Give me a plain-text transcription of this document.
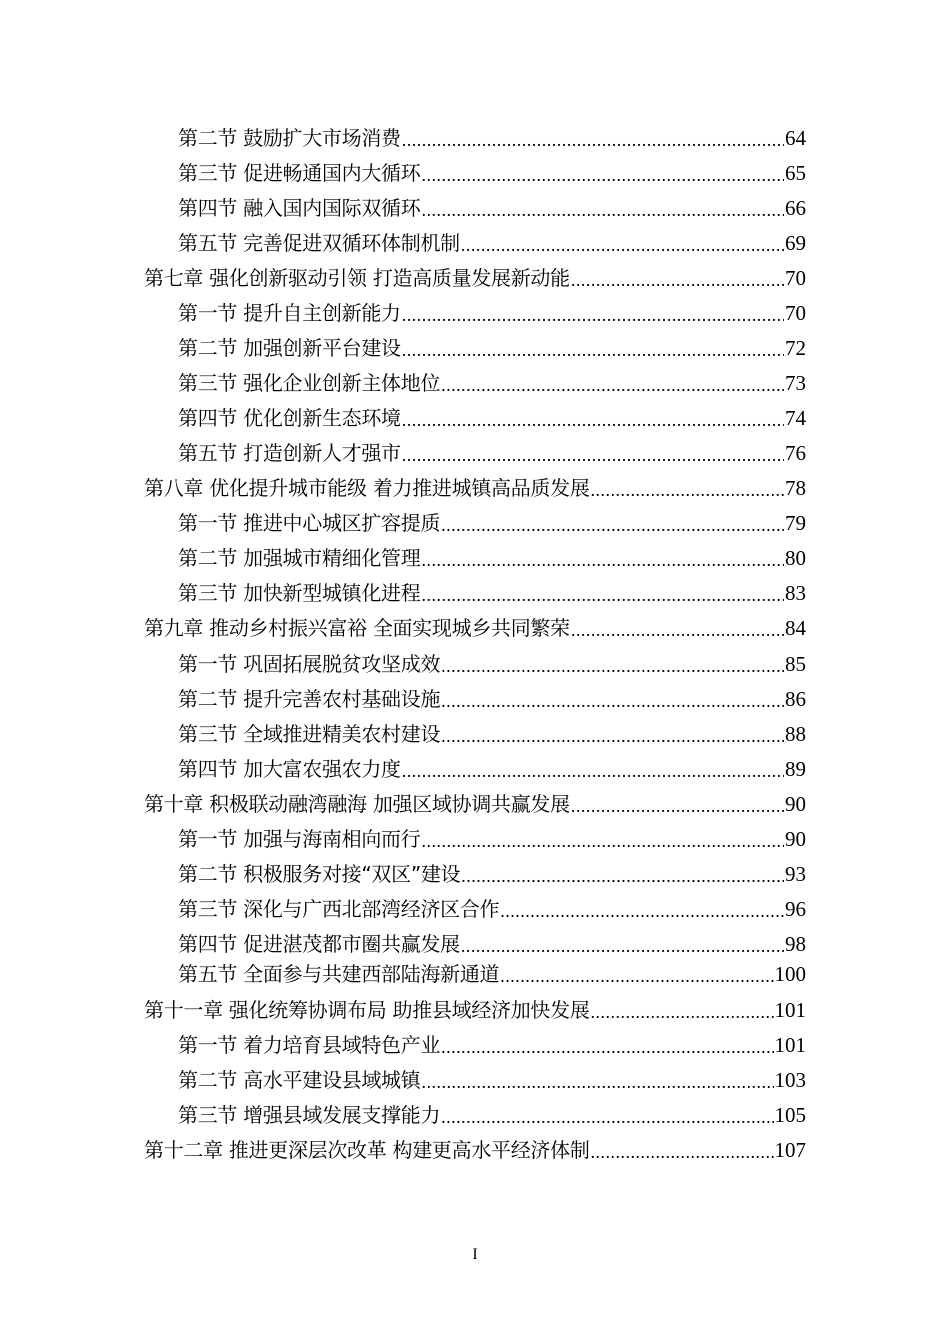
第二节 鼓励扩大市场消费 .....	64
第三节 促进畅通国内大循环 .....	65
第四节 融入国内国际双循环 .....	66
第五节 完善促进双循环体制机制 .....	69
第七章 强化创新驱动引领 打造高质量发展新动能 .....	70
第一节 提升自主创新能力 .....	70
第二节 加强创新平台建设 .....	72
第三节 强化企业创新主体地位 .....	73
第四节 优化创新生态环境 .....	74
第五节 打造创新人才强市 .....	76
第八章 优化提升城市能级 着力推进城镇高品质发展 .....	78
第一节 推进中心城区扩容提质 .....	79
第二节 加强城市精细化管理 .....	80
第三节 加快新型城镇化进程 .....	83
第九章 推动乡村振兴富裕 全面实现城乡共同繁荣 .....	84
第一节 巩固拓展脱贫攻坚成效 .....	85
第二节 提升完善农村基础设施 .....	86
第三节 全域推进精美农村建设 .....	88
第四节 加大富农强农力度 .....	89
第十章 积极联动融湾融海 加强区域协调共赢发展 .....	90
第一节 加强与海南相向而行 .....	90
第二节 积极服务对接“双区”建设 .....	93
第三节 深化与广西北部湾经济区合作 .....	96
第四节 促进湛茂都市圈共赢发展 .....	98
第五节 全面参与共建西部陆海新通道 .....	100
第十一章 强化统筹协调布局 助推县域经济加快发展 .....	101
第一节 着力培育县域特色产业 .....	101
第二节 高水平建设县域城镇 .....	103
第三节 增强县域发展支撑能力 .....	105
第十二章 推进更深层次改革 构建更高水平经济体制 .....	107
I
